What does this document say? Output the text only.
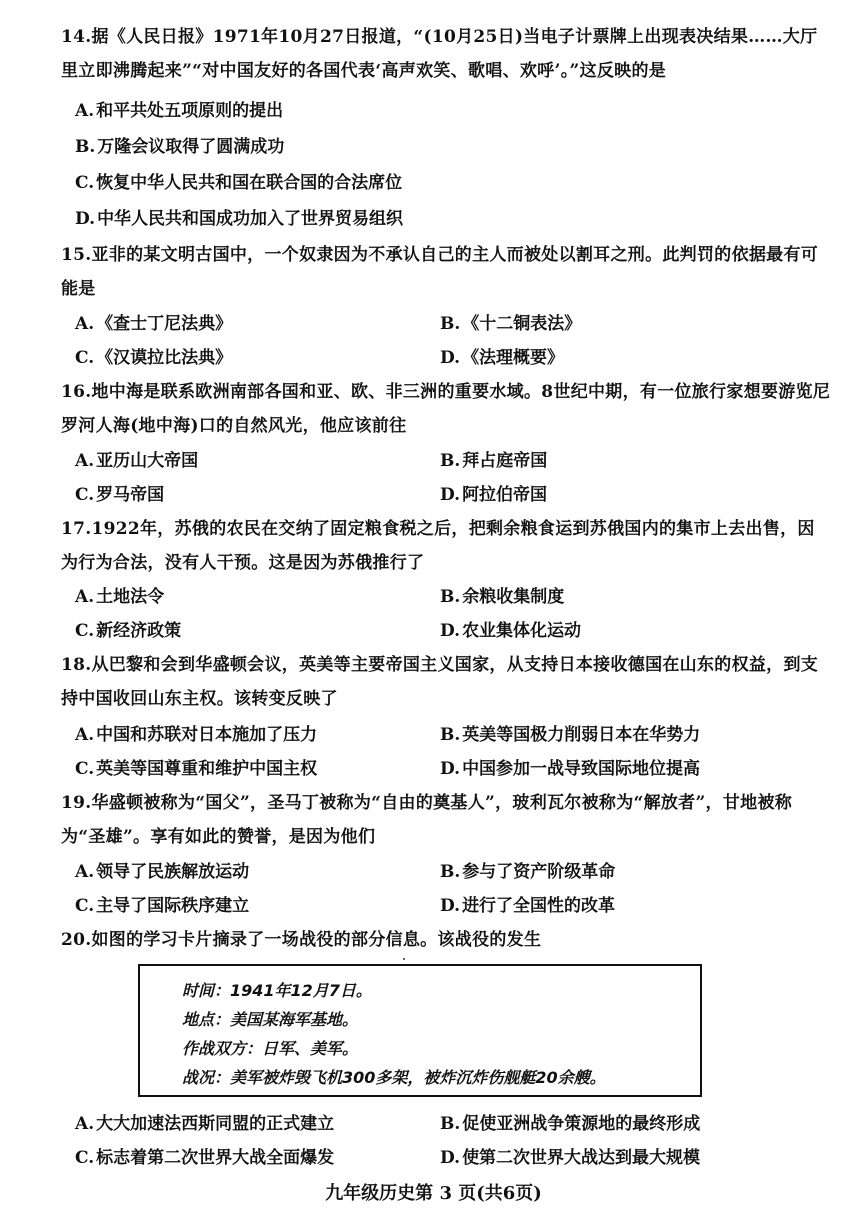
14.据《人民日报》1971年10月27日报道，“(10月25日)当电子计票牌上出现表决结果……大厅里立即沸腾起来”“对中国友好的各国代表‘高声欢笑、歌唱、欢呼’。”这反映的是
A. 和平共处五项原则的提出
B. 万隆会议取得了圆满成功
C. 恢复中华人民共和国在联合国的合法席位
D. 中华人民共和国成功加入了世界贸易组织
15.亚非的某文明古国中，一个奴隶因为不承认自己的主人而被处以割耳之刑。此判罚的依据最有可能是
A. 《查士丁尼法典》	B. 《十二铜表法》
C. 《汉谟拉比法典》	D. 《法理概要》
16.地中海是联系欧洲南部各国和亚、欧、非三洲的重要水域。8世纪中期，有一位旅行家想要游览尼罗河人海(地中海)口的自然风光，他应该前往
A. 亚历山大帝国	B. 拜占庭帝国
C. 罗马帝国	D. 阿拉伯帝国
17.1922年，苏俄的农民在交纳了固定粮食税之后，把剩余粮食运到苏俄国内的集市上去出售，因为行为合法，没有人干预。这是因为苏俄推行了
A. 土地法令	B. 余粮收集制度
C. 新经济政策	D. 农业集体化运动
18.从巴黎和会到华盛顿会议，英美等主要帝国主义国家，从支持日本接收德国在山东的权益，到支持中国收回山东主权。该转变反映了
A. 中国和苏联对日本施加了压力	B. 英美等国极力削弱日本在华势力
C. 英美等国尊重和维护中国主权	D. 中国参加一战导致国际地位提高
19.华盛顿被称为“国父”，圣马丁被称为“自由的奠基人”，玻利瓦尔被称为“解放者”，甘地被称为“圣雄”。享有如此的赞誉，是因为他们
A. 领导了民族解放运动	B. 参与了资产阶级革命
C. 主导了国际秩序建立	D. 进行了全国性的改革
20.如图的学习卡片摘录了一场战役的部分信息。该战役的发生
时间：1941年12月7日。
地点：美国某海军基地。
作战双方：日军、美军。
战况：美军被炸毁飞机300多架，被炸沉炸伤舰艇20余艘。
A. 大大加速法西斯同盟的正式建立	B. 促使亚洲战争策源地的最终形成
C. 标志着第二次世界大战全面爆发	D. 使第二次世界大战达到最大规模
九年级历史第 3 页(共6页)
